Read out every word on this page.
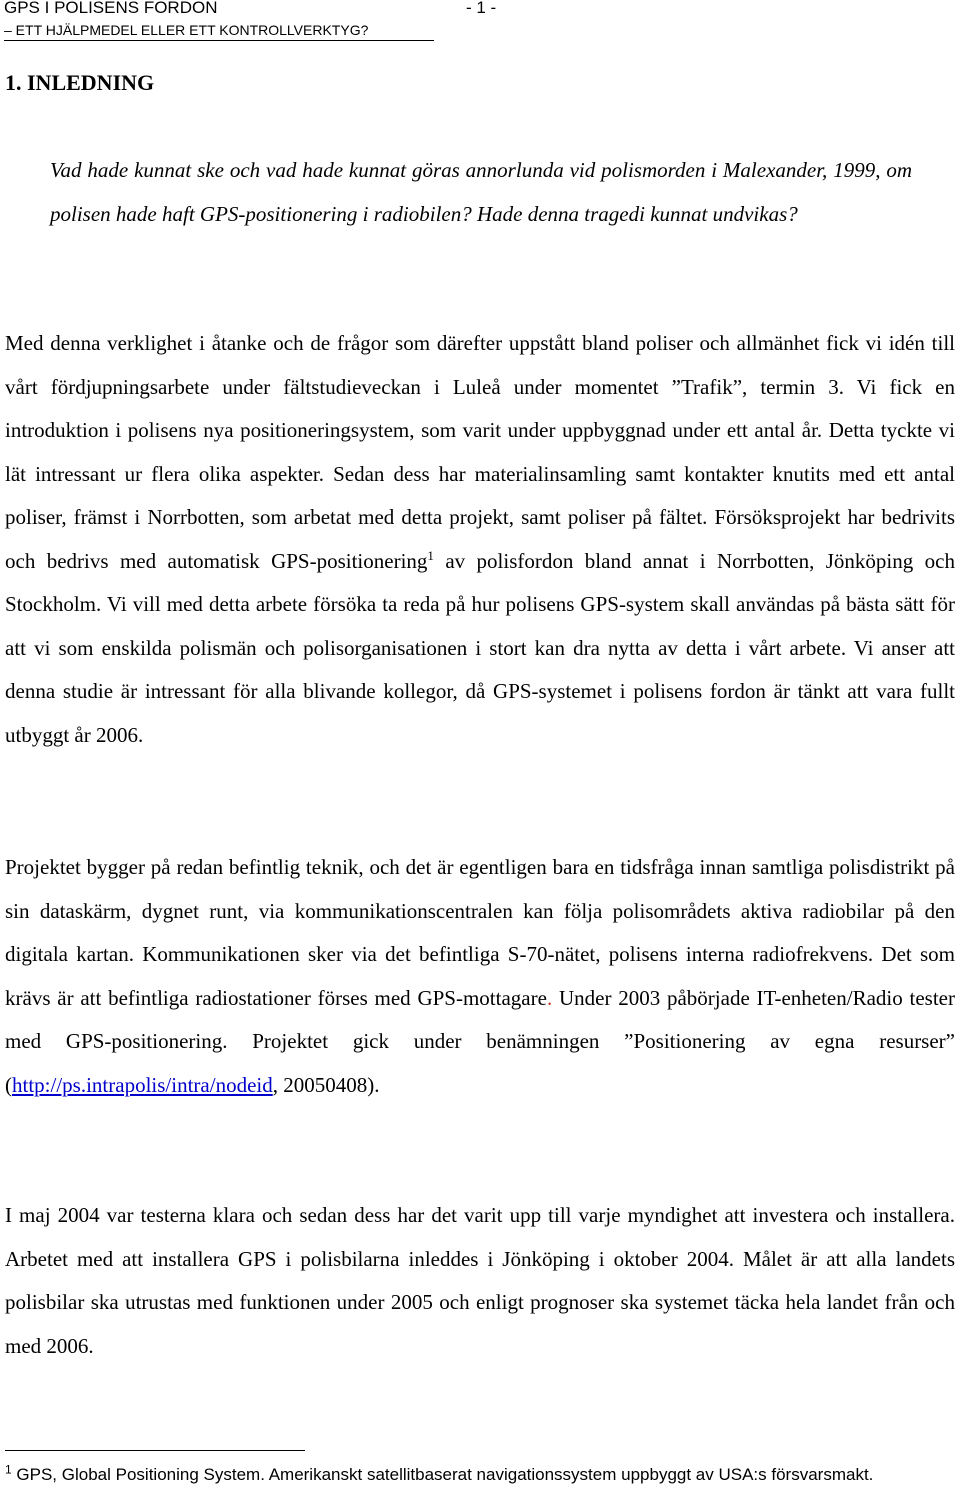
GPS I POLISENS FORDON	- 1 -
– ETT HJÄLPMEDEL ELLER ETT KONTROLLVERKTYG?
1. INLEDNING

Vad hade kunnat ske och vad hade kunnat göras annorlunda vid polismorden i Malexander, 1999, om polisen hade haft GPS-positionering i radiobilen? Hade denna tragedi kunnat undvikas?

Med denna verklighet i åtanke och de frågor som därefter uppstått bland poliser och allmänhet fick vi idén till vårt fördjupningsarbete under fältstudieveckan i Luleå under momentet ”Trafik”, termin 3. Vi fick en introduktion i polisens nya positioneringsystem, som varit under uppbyggnad under ett antal år. Detta tyckte vi lät intressant ur flera olika aspekter. Sedan dess har materialinsamling samt kontakter knutits med ett antal poliser, främst i Norrbotten, som arbetat med detta projekt, samt poliser på fältet. Försöksprojekt har bedrivits och bedrivs med automatisk GPS-positionering$^1$ av polisfordon bland annat i Norrbotten, Jönköping och Stockholm. Vi vill med detta arbete försöka ta reda på hur polisens GPS-system skall användas på bästa sätt för att vi som enskilda polismän och polisorganisationen i stort kan dra nytta av detta i vårt arbete. Vi anser att denna studie är intressant för alla blivande kollegor, då GPS-systemet i polisens fordon är tänkt att vara fullt utbyggt år 2006.

Projektet bygger på redan befintlig teknik, och det är egentligen bara en tidsfråga innan samtliga polisdistrikt på sin dataskärm, dygnet runt, via kommunikationscentralen kan följa polisområdets aktiva radiobilar på den digitala kartan. Kommunikationen sker via det befintliga S-70-nätet, polisens interna radiofrekvens. Det som krävs är att befintliga radiostationer förses med GPS-mottagare. Under 2003 påbörjade IT-enheten/Radio tester med GPS-positionering. Projektet gick under benämningen ”Positionering av egna resurser” (http://ps.intrapolis/intra/nodeid, 20050408).

I maj 2004 var testerna klara och sedan dess har det varit upp till varje myndighet att investera och installera. Arbetet med att installera GPS i polisbilarna inleddes i Jönköping i oktober 2004. Målet är att alla landets polisbilar ska utrustas med funktionen under 2005 och enligt prognoser ska systemet täcka hela landet från och med 2006.

$^1$ GPS, Global Positioning System. Amerikanskt satellitbaserat navigationssystem uppbyggt av USA:s försvarsmakt.
